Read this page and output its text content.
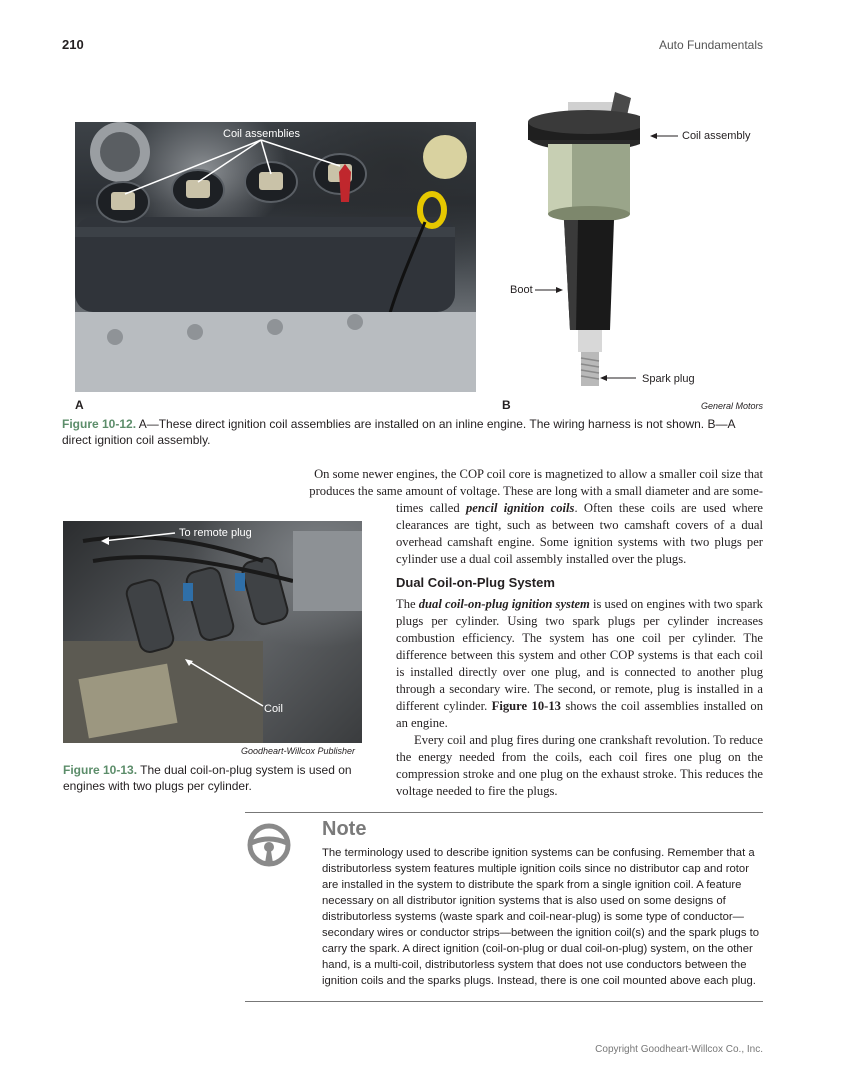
210	Auto Fundamentals
Coil assemblies	Coil assembly
Boot
Spark plug
A	B	General Motors
Figure 10-12. A—These direct ignition coil assemblies are installed on an inline engine. The wiring harness is not shown. B—A direct ignition coil assembly.

On some newer engines, the COP coil core is magnetized to allow a smaller coil size that

produces the same amount of voltage. These are long with a small diameter and are some-

times called pencil ignition coils. Often these coils are used where clearances are tight, such as between two camshaft covers of a dual overhead camshaft engine. Some ignition systems with two plugs per cylinder use a dual coil assembly installed over the plugs.

Dual Coil-on-Plug System

The dual coil-on-plug ignition system is used on engines with two spark plugs per cylinder. Using two spark plugs per cylinder increases combustion efficiency. The system has one coil per cylinder. The difference between this system and other COP systems is that each coil is installed directly over one plug, and is connected to another plug through a secondary wire. The second, or remote, plug is installed in a different cylinder. Figure 10-13 shows the coil assemblies installed on an engine.

Every coil and plug fires during one crankshaft revolution. To reduce the energy needed from the coils, each coil fires one plug on the compression stroke and one plug on the exhaust stroke. This reduces the voltage needed to fire the plugs.

To remote plug
Coil
Goodheart-Willcox Publisher
Figure 10-13. The dual coil-on-plug system is used on engines with two plugs per cylinder.
Note
The terminology used to describe ignition systems can be confusing. Remember that a distributorless system features multiple ignition coils since no distributor cap and rotor are installed in the system to distribute the spark from a single ignition coil. A feature necessary on all distributor ignition systems that is also used on some designs of distributorless systems (waste spark and coil-near-plug) is some type of conductor—secondary wires or conductor strips—between the ignition coil(s) and the spark plugs to carry the spark. A direct ignition (coil-on-plug or dual coil-on-plug) system, on the other hand, is a multi-coil, distributorless system that does not use conductors between the ignition coils and the sparks plugs. Instead, there is one coil mounted above each plug.
Copyright Goodheart-Willcox Co., Inc.
